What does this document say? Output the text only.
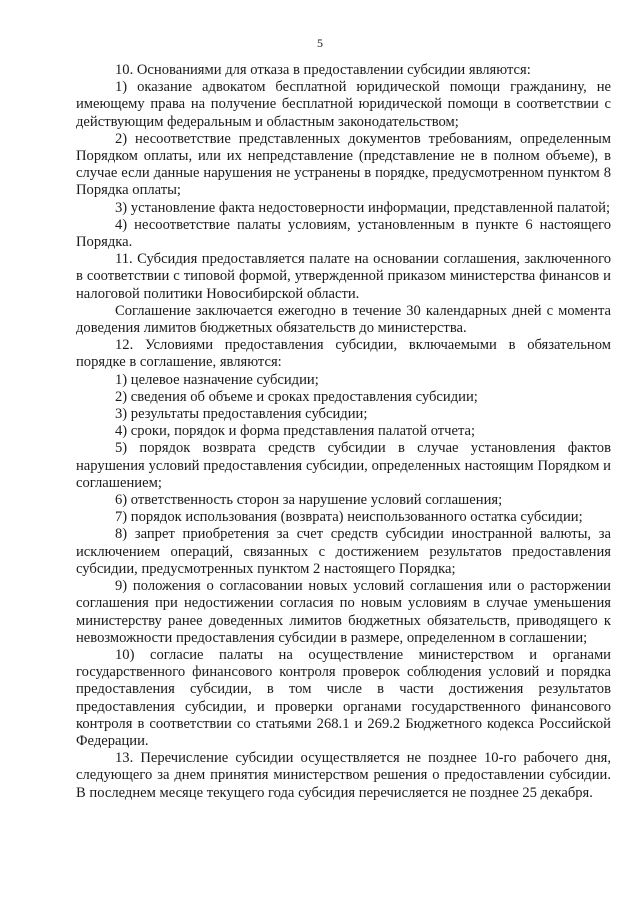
5

10. Основаниями для отказа в предоставлении субсидии являются:

1) оказание адвокатом бесплатной юридической помощи гражданину, не имеющему права на получение бесплатной юридической помощи в соответствии с действующим федеральным и областным законодательством;

2) несоответствие представленных документов требованиям, определенным Порядком оплаты, или их непредставление (представление не в полном объеме), в случае если данные нарушения не устранены в порядке, предусмотренном пунктом 8 Порядка оплаты;

3) установление факта недостоверности информации, представленной палатой;

4) несоответствие палаты условиям, установленным в пункте 6 настоящего Порядка.

11. Субсидия предоставляется палате на основании соглашения, заключенного в соответствии с типовой формой, утвержденной приказом министерства финансов и налоговой политики Новосибирской области.

Соглашение заключается ежегодно в течение 30 календарных дней с момента доведения лимитов бюджетных обязательств до министерства.

12. Условиями предоставления субсидии, включаемыми в обязательном порядке в соглашение, являются:

1) целевое назначение субсидии;

2) сведения об объеме и сроках предоставления субсидии;

3) результаты предоставления субсидии;

4) сроки, порядок и форма представления палатой отчета;

5) порядок возврата средств субсидии в случае установления фактов нарушения условий предоставления субсидии, определенных настоящим Порядком и соглашением;

6) ответственность сторон за нарушение условий соглашения;

7) порядок использования (возврата) неиспользованного остатка субсидии;

8) запрет приобретения за счет средств субсидии иностранной валюты, за исключением операций, связанных с достижением результатов предоставления субсидии, предусмотренных пунктом 2 настоящего Порядка;

9) положения о согласовании новых условий соглашения или о расторжении соглашения при недостижении согласия по новым условиям в случае уменьшения министерству ранее доведенных лимитов бюджетных обязательств, приводящего к невозможности предоставления субсидии в размере, определенном в соглашении;

10) согласие палаты на осуществление министерством и органами государственного финансового контроля проверок соблюдения условий и порядка предоставления субсидии, в том числе в части достижения результатов предоставления субсидии, и проверки органами государственного финансового контроля в соответствии со статьями 268.1 и 269.2 Бюджетного кодекса Российской Федерации.

13. Перечисление субсидии осуществляется не позднее 10-го рабочего дня, следующего за днем принятия министерством решения о предоставлении субсидии. В последнем месяце текущего года субсидия перечисляется не позднее 25 декабря.
